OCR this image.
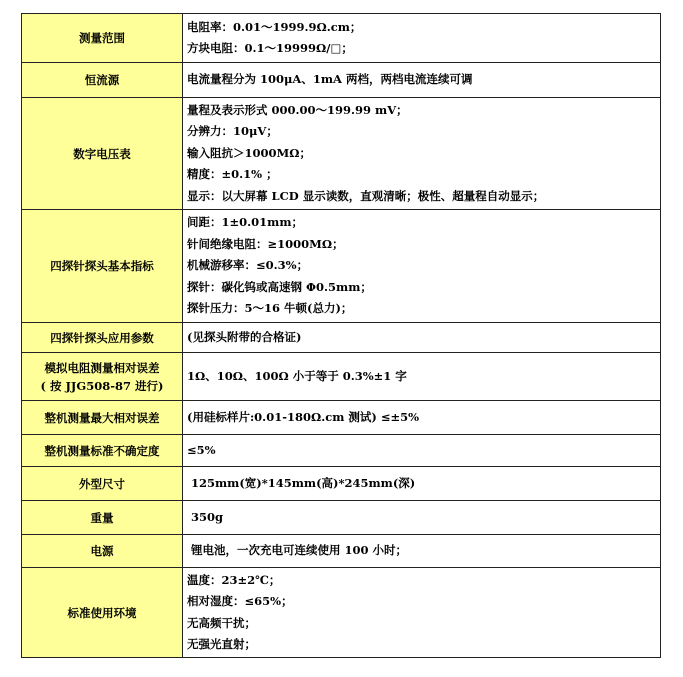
测量范围	电阻率：0.01～1999.9Ω.cm；
方块电阻：0.1～19999Ω/□；

恒流源	电流量程分为 100μA、1mA 两档，两档电流连续可调

数字电压表	量程及表示形式 000.00～199.99 mV；
分辨力：10μV；
输入阻抗＞1000MΩ；
精度：±0.1% ；
显示：以大屏幕 LCD 显示读数，直观清晰；极性、超量程自动显示；

四探针探头基本指标	间距：1±0.01mm；
针间绝缘电阻：≥1000MΩ；
机械游移率：≤0.3%；
探针：碳化钨或高速钢 Φ0.5mm；
探针压力：5～16 牛顿(总力)；

四探针探头应用参数	(见探头附带的合格证)

模拟电阻测量相对误差
( 按 JJG508-87 进行)	1Ω、10Ω、100Ω 小于等于 0.3%±1 字

整机测量最大相对误差	(用硅标样片:0.01-180Ω.cm 测试) ≤±5%

整机测量标准不确定度	≤5%

外型尺寸	125mm(宽)*145mm(高)*245mm(深)

重量	350g

电源	锂电池，一次充电可连续使用 100 小时；

标准使用环境	温度：23±2℃；
相对湿度：≤65%；
无高频干扰；
无强光直射；
